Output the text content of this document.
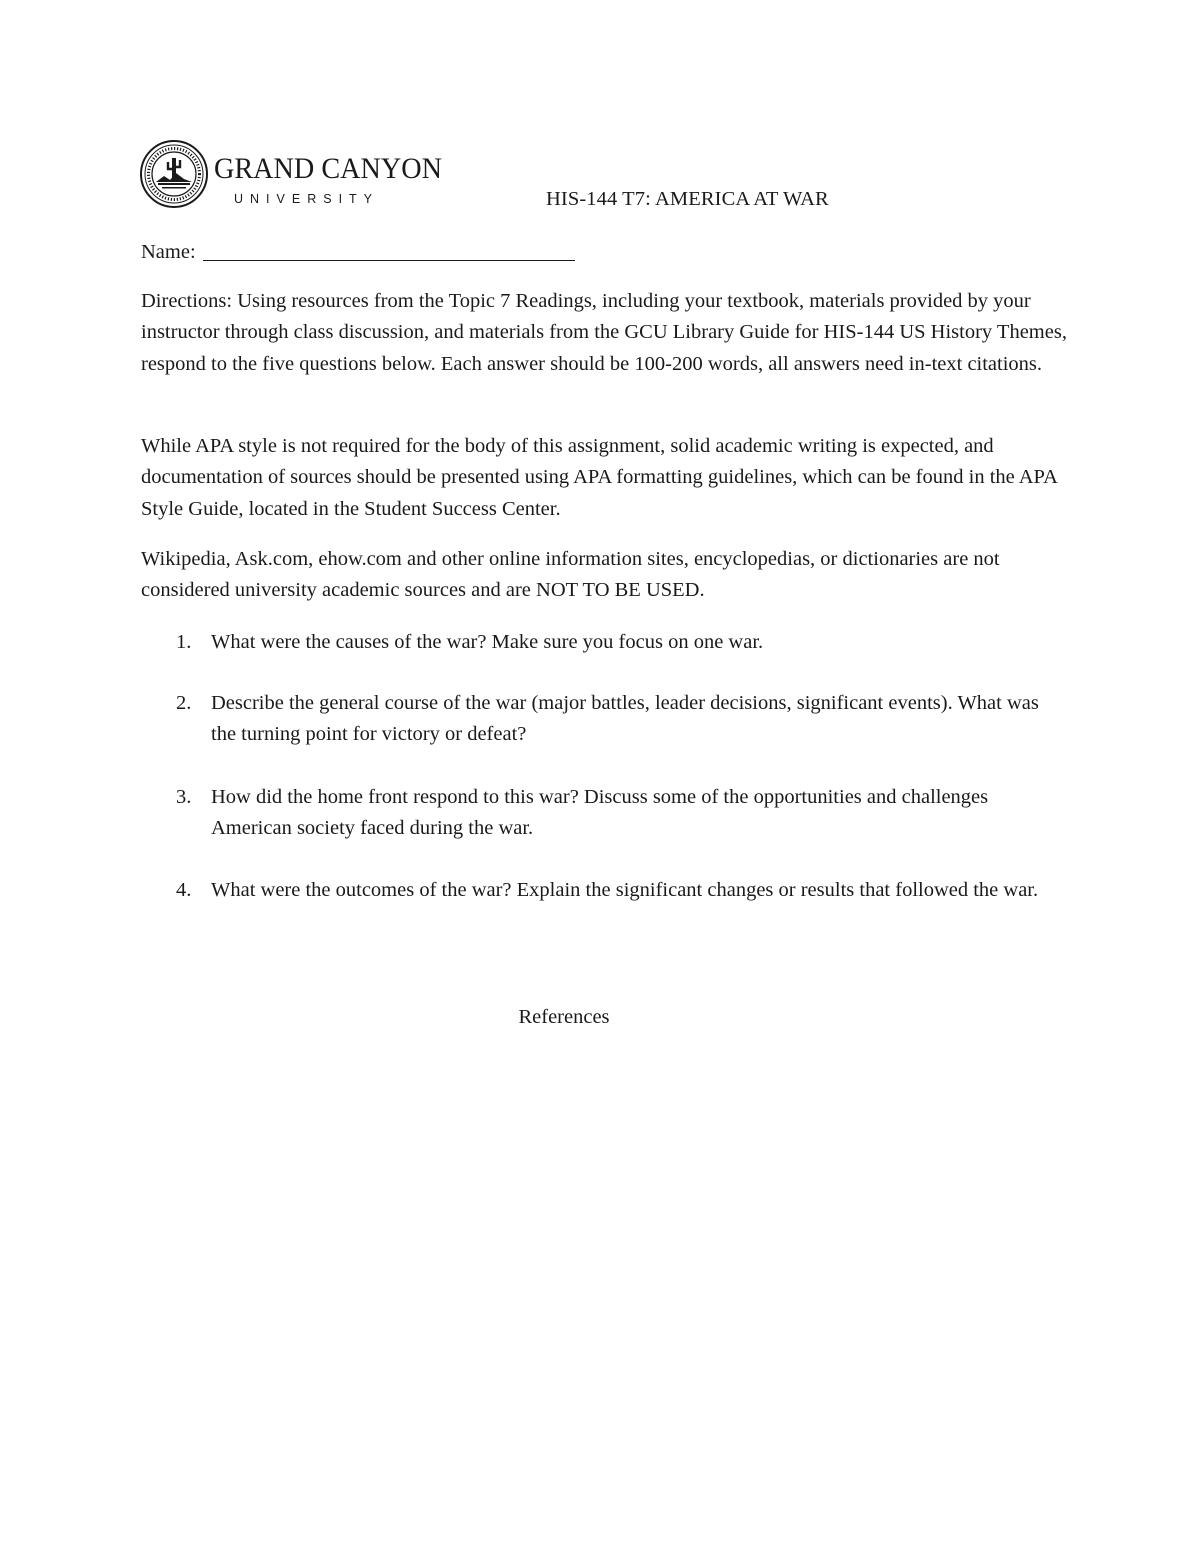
GRAND CANYON
UNIVERSITY	HIS-144 T7: AMERICA AT WAR
Name:

Directions: Using resources from the Topic 7 Readings, including your textbook, materials provided by your instructor through class discussion, and materials from the GCU Library Guide for HIS-144 US History Themes, respond to the five questions below. Each answer should be 100-200 words, all answers need in-text citations.

While APA style is not required for the body of this assignment, solid academic writing is expected, and documentation of sources should be presented using APA formatting guidelines, which can be found in the APA Style Guide, located in the Student Success Center.

Wikipedia, Ask.com, ehow.com and other online information sites, encyclopedias, or dictionaries are not considered university academic sources and are NOT TO BE USED.

1. What were the causes of the war? Make sure you focus on one war.
2. Describe the general course of the war (major battles, leader decisions, significant events). What was the turning point for victory or defeat?
3. How did the home front respond to this war? Discuss some of the opportunities and challenges American society faced during the war.
4. What were the outcomes of the war? Explain the significant changes or results that followed the war.
References
